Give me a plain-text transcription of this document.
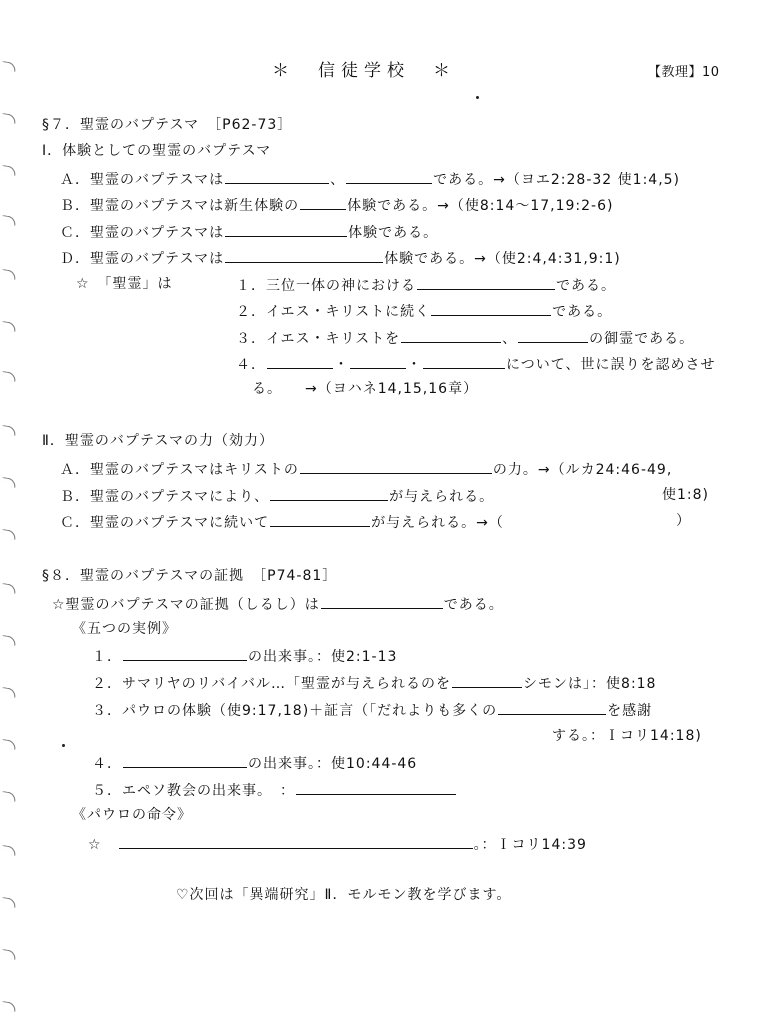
＊　信徒学校　＊	【教理】10
§７．聖霊のバプテスマ　［P62-73］
Ⅰ．体験としての聖霊のバプテスマ
Ａ．聖霊のバプテスマは	、	である。→（ヨエ2:28-32 使1:4,5)
Ｂ．聖霊のバプテスマは新生体験の	体験である。→（使8:14～17,19:2-6)
Ｃ．聖霊のバプテスマは	体験である。
Ｄ．聖霊のバプテスマは	体験である。→（使2:4,4:31,9:1)
☆　「聖霊」は	１．三位一体の神における	である。
２．イエス・キリストに続く	である。
３．イエス・キリストを	、	の御霊である。
４．	・	・	について、世に誤りを認めさせ
る。　　→（ヨハネ14,15,16章）
Ⅱ．聖霊のバプテスマの力（効力）
Ａ．聖霊のバプテスマはキリストの	の力。→（ルカ24:46-49,
Ｂ．聖霊のバプテスマにより、	が与えられる。	使1:8)
Ｃ．聖霊のバプテスマに続いて	が与えられる。→（	）
§８．聖霊のバプテスマの証拠　［P74-81］
☆聖霊のバプテスマの証拠（しるし）は	である。
《五つの実例》
１．	の出来事。：使2:1-13
２．サマリヤのリバイバル…「聖霊が与えられるのを	シモンは」：使8:18
３．パウロの体験（使9:17,18)＋証言（「だれよりも多くの	を感謝
する。：Ｉコリ14:18)
４．	の出来事。：使10:44-46
５．エペソ教会の出来事。　：
《パウロの命令》
☆	。：Ｉコリ14:39
♡次回は「異端研究」Ⅱ．モルモン教を学びます。
